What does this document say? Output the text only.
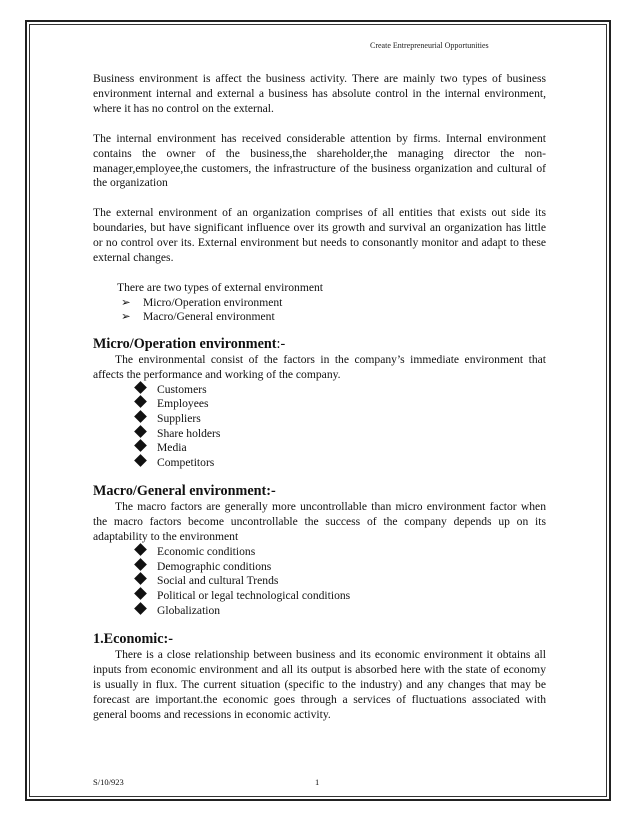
Create Entrepreneurial Opportunities

Business environment is affect the business activity. There are mainly two types of business environment internal and external a business has absolute control in the internal environment, where it has no control on the external.

The internal environment has received considerable attention by firms. Internal environment contains the owner of the business,the shareholder,the managing director the non-manager,employee,the customers, the infrastructure of the business organization and cultural of the organization

The external environment of an organization comprises of all entities that exists out side its boundaries, but have significant influence over its growth and survival an organization has little or no control over its. External environment but needs to consonantly monitor and adapt to these external changes.

There are two types of external environment

➢	Micro/Operation environment
➢	Macro/General environment
Micro/Operation environment:-

The environmental consist of the factors in the company’s immediate environment that affects the performance and working of the company.

Customers
Employees
Suppliers
Share holders
Media
Competitors
Macro/General environment:-

The macro factors are generally more uncontrollable than micro environment factor when the macro factors become uncontrollable the success of the company depends up on its adaptability to the environment

Economic conditions
Demographic conditions
Social and cultural Trends
Political or legal technological conditions
Globalization
1.Economic:-

There is a close relationship between business and its economic environment it obtains all inputs from economic environment and all its output is absorbed here with the state of economy is usually in flux. The current situation (specific to the industry) and any changes that may be forecast are important.the economic goes through a services of fluctuations associated with general booms and recessions in economic activity.

S/10/923	1
